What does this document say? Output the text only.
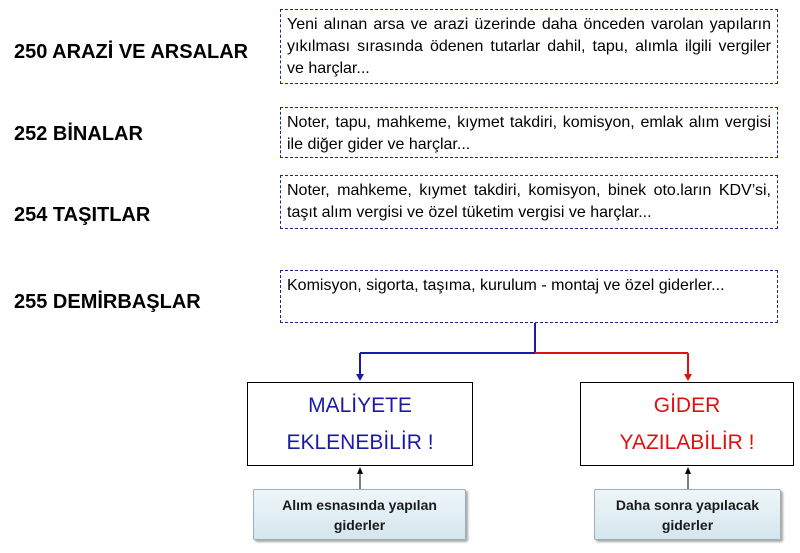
250 ARAZİ VE ARSALAR
252 BİNALAR
254 TAŞITLAR
255 DEMİRBAŞLAR
Yeni alınan arsa ve arazi üzerinde daha önceden varolan yapıların yıkılması sırasında ödenen tutarlar dahil, tapu, alımla ilgili vergiler ve harçlar...
Noter, tapu, mahkeme, kıymet takdiri, komisyon, emlak alım vergisi ile diğer gider ve harçlar...
Noter, mahkeme, kıymet takdiri, komisyon, binek oto.ların KDV’si, taşıt alım vergisi ve özel tüketim vergisi ve harçlar...
Komisyon, sigorta, taşıma, kurulum - montaj ve özel giderler...
MALİYETE
EKLENEBİLİR !
GİDER
YAZILABİLİR !
Alım esnasında yapılan
giderler
Daha sonra yapılacak
giderler
